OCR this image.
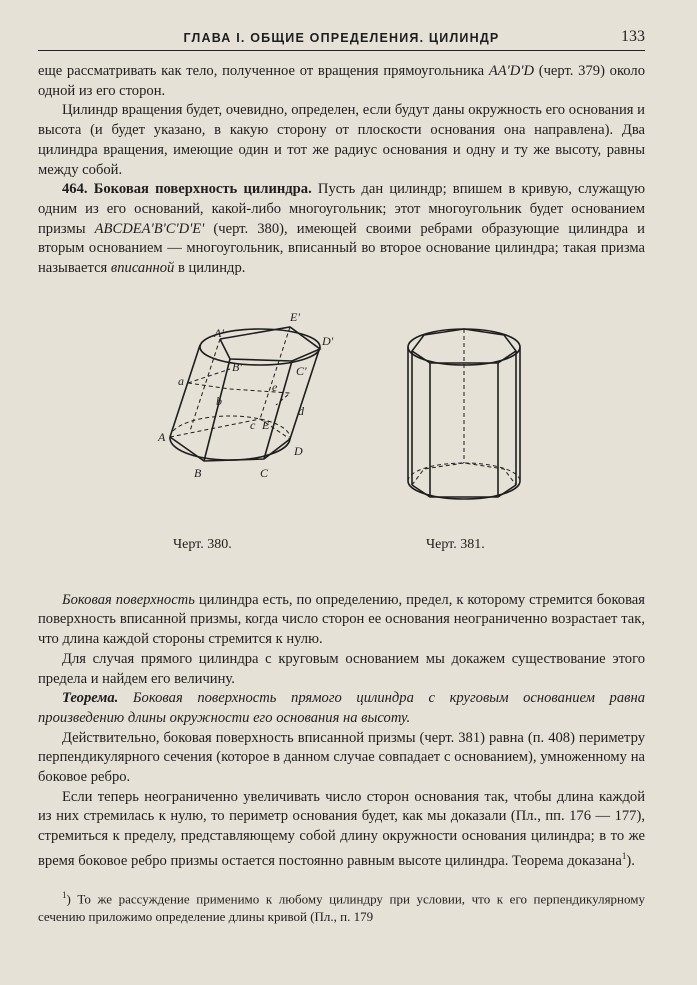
ГЛАВА I. ОБЩИЕ ОПРЕДЕЛЕНИЯ. ЦИЛИНДР	133

еще рассматривать как тело, полученное от вращения прямоугольника AA'D'D (черт. 379) около одной из его сторон.

Цилиндр вращения будет, очевидно, определен, если будут даны окружность его основания и высота (и будет указано, в какую сторону от плоскости основания она направлена). Два цилиндра вращения, имеющие один и тот же радиус основания и одну и ту же высоту, равны между собой.

464. Боковая поверхность цилиндра. Пусть дан цилиндр; впишем в кривую, служащую одним из его оснований, какой-либо многоугольник; этот многоугольник будет основанием призмы ABCDEA'B'C'D'E' (черт. 380), имеющей своими ребрами образующие цилиндра и вторым основанием — многоугольник, вписанный во второе основание цилиндра; такая призма называется вписанной в цилиндр.

A'
B'	C'
D'
E'
a
b
c
d
e
A
B	C
D
E
Черт. 380.	Черт. 381.

Боковая поверхность цилиндра есть, по определению, предел, к которому стремится боковая поверхность вписанной призмы, когда число сторон ее основания неограниченно возрастает так, что длина каждой стороны стремится к нулю.

Для случая прямого цилиндра с круговым основанием мы докажем существование этого предела и найдем его величину.

Теорема. Боковая поверхность прямого цилиндра с круговым основанием равна произведению длины окружности его основания на высоту.

Действительно, боковая поверхность вписанной призмы (черт. 381) равна (п. 408) периметру перпендикулярного сечения (которое в данном случае совпадает с основанием), умноженному на боковое ребро.

Если теперь неограниченно увеличивать число сторон основания так, чтобы длина каждой из них стремилась к нулю, то периметр основания будет, как мы доказали (Пл., пп. 176 — 177), стремиться к пределу, представляющему собой длину окружности основания цилиндра; в то же время боковое ребро призмы остается постоянно равным высоте цилиндра. Теорема доказана$^1$).

$^1$) То же рассуждение применимо к любому цилиндру при условии, что к его перпендикулярному сечению приложимо определение длины кривой (Пл., п. 179
